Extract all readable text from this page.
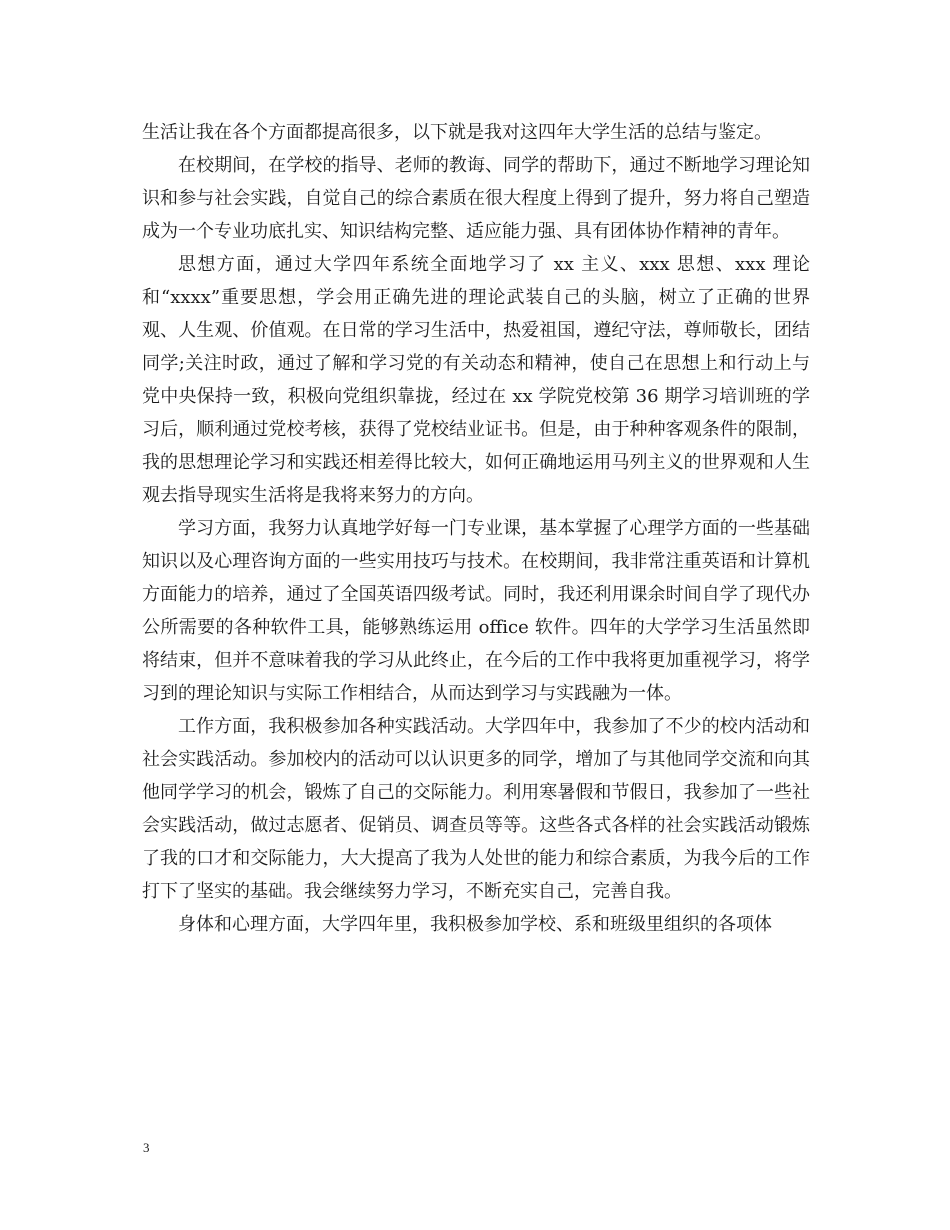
生活让我在各个方面都提高很多，以下就是我对这四年大学生活的总结与鉴定。

在校期间，在学校的指导、老师的教诲、同学的帮助下，通过不断地学习理论知识和参与社会实践，自觉自己的综合素质在很大程度上得到了提升，努力将自己塑造成为一个专业功底扎实、知识结构完整、适应能力强、具有团体协作精神的青年。

思想方面，通过大学四年系统全面地学习了 xx 主义、xxx 思想、xxx 理论和“xxxx”重要思想，学会用正确先进的理论武装自己的头脑，树立了正确的世界观、人生观、价值观。在日常的学习生活中，热爱祖国，遵纪守法，尊师敬长，团结同学;关注时政，通过了解和学习党的有关动态和精神，使自己在思想上和行动上与党中央保持一致，积极向党组织靠拢，经过在 xx 学院党校第 36 期学习培训班的学习后，顺利通过党校考核，获得了党校结业证书。但是，由于种种客观条件的限制，我的思想理论学习和实践还相差得比较大，如何正确地运用马列主义的世界观和人生观去指导现实生活将是我将来努力的方向。

学习方面，我努力认真地学好每一门专业课，基本掌握了心理学方面的一些基础知识以及心理咨询方面的一些实用技巧与技术。在校期间，我非常注重英语和计算机方面能力的培养，通过了全国英语四级考试。同时，我还利用课余时间自学了现代办公所需要的各种软件工具，能够熟练运用 office 软件。四年的大学学习生活虽然即将结束，但并不意味着我的学习从此终止，在今后的工作中我将更加重视学习，将学习到的理论知识与实际工作相结合，从而达到学习与实践融为一体。

工作方面，我积极参加各种实践活动。大学四年中，我参加了不少的校内活动和社会实践活动。参加校内的活动可以认识更多的同学，增加了与其他同学交流和向其他同学学习的机会，锻炼了自己的交际能力。利用寒暑假和节假日，我参加了一些社会实践活动，做过志愿者、促销员、调查员等等。这些各式各样的社会实践活动锻炼了我的口才和交际能力，大大提高了我为人处世的能力和综合素质，为我今后的工作打下了坚实的基础。我会继续努力学习，不断充实自己，完善自我。

身体和心理方面，大学四年里，我积极参加学校、系和班级里组织的各项体

3
